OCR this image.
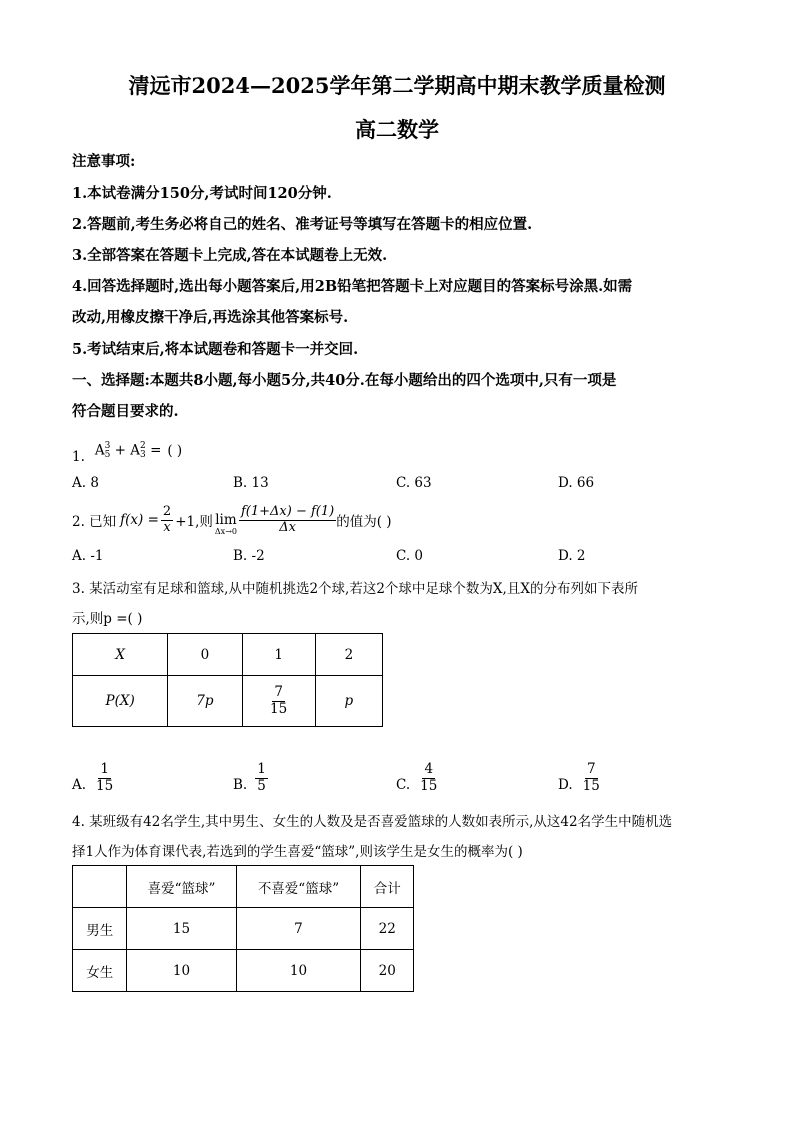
清远市2024—2025学年第二学期高中期末教学质量检测
高二数学
注意事项:
1.本试卷满分150分,考试时间120分钟.
2.答题前,考生务必将自己的姓名、准考证号等填写在答题卡的相应位置.
3.全部答案在答题卡上完成,答在本试题卷上无效.
4.回答选择题时,选出每小题答案后,用2B铅笔把答题卡上对应题目的答案标号涂黑.如需
改动,用橡皮擦干净后,再选涂其他答案标号.
5.考试结束后,将本试题卷和答题卡一并交回.
一、选择题:本题共8小题,每小题5分,共40分.在每小题给出的四个选项中,只有一项是
符合题目要求的.
1. A 3
5 + A 2
3 = ( )
A. 8	B. 13	C. 63	D. 66
2. 已知 $f(x) = \frac{2}{x} +1$,则 lim
$\Delta x\to 0 \frac{f(1+\Delta x) - f(1)}{\Delta x}$ 的值为( )
A. -1	B. -2	C. 0	D. 2
3. 某活动室有足球和篮球,从中随机挑选2个球,若这2个球中足球个数为X,且X的分布列如下表所
示,则p =( )
X	0	1	2
P(X)	7p	$\frac{7}{15}$	p
A. $\frac{1}{15}$	B. $\frac{1}{5}$	C. $\frac{4}{15}$	D. $\frac{7}{15}$
4. 某班级有42名学生,其中男生、女生的人数及是否喜爱篮球的人数如表所示,从这42名学生中随机选
择1人作为体育课代表,若选到的学生喜爱“篮球”,则该学生是女生的概率为( )
	喜爱“篮球”	不喜爱“篮球”	合计
男生	15	7	22
女生	10	10	20
